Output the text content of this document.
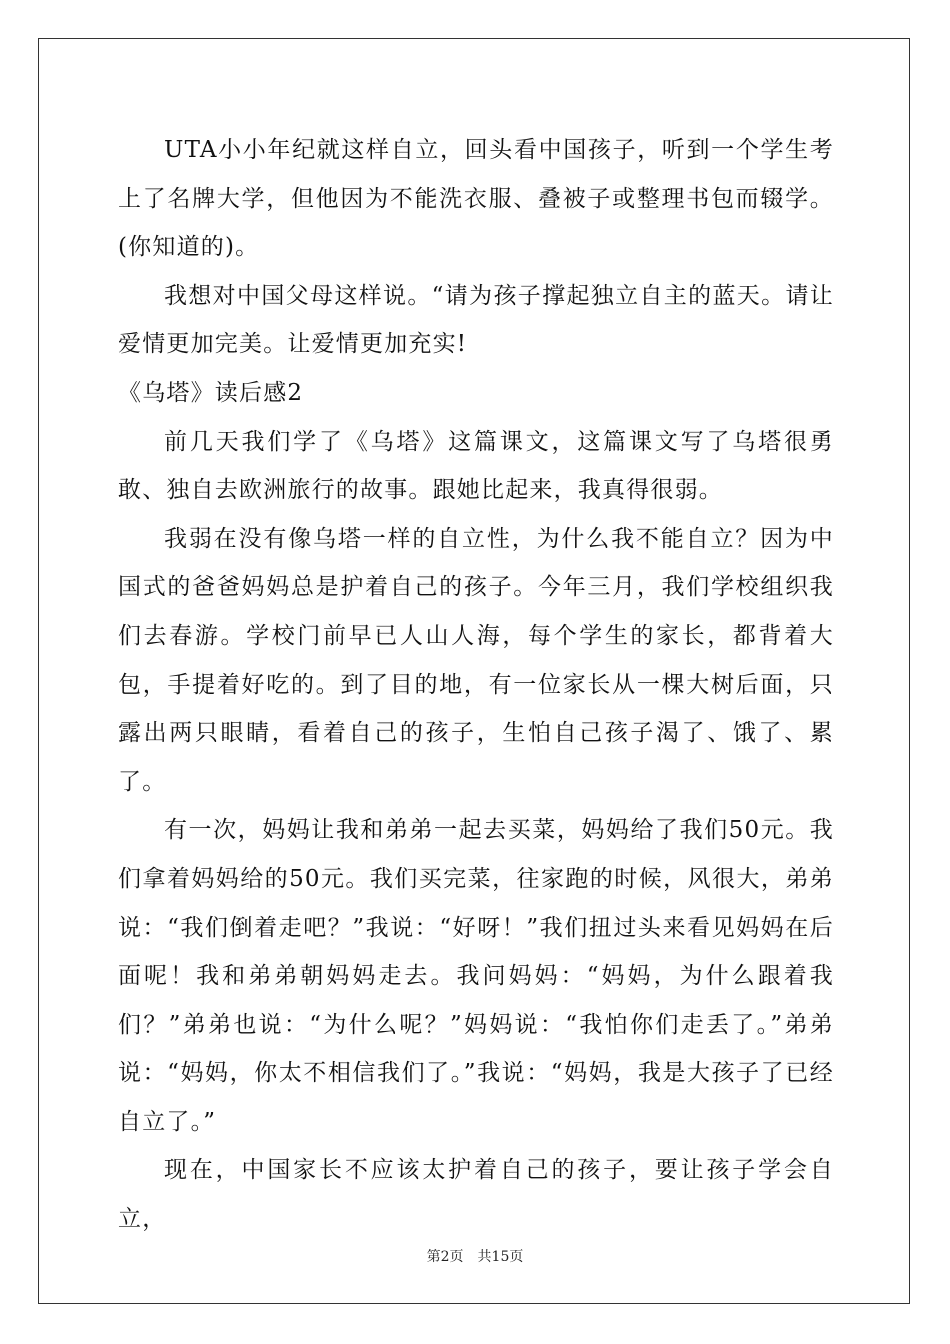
UTA小小年纪就这样自立，回头看中国孩子，听到一个学生考上了名牌大学，但他因为不能洗衣服、叠被子或整理书包而辍学。(你知道的)。

我想对中国父母这样说。“请为孩子撑起独立自主的蓝天。请让爱情更加完美。让爱情更加充实!

《乌塔》读后感2

前几天我们学了《乌塔》这篇课文，这篇课文写了乌塔很勇敢、独自去欧洲旅行的故事。跟她比起来，我真得很弱。

我弱在没有像乌塔一样的自立性，为什么我不能自立？因为中国式的爸爸妈妈总是护着自己的孩子。今年三月，我们学校组织我们去春游。学校门前早已人山人海，每个学生的家长，都背着大包，手提着好吃的。到了目的地，有一位家长从一棵大树后面，只露出两只眼睛，看着自己的孩子，生怕自己孩子渴了、饿了、累了。

有一次，妈妈让我和弟弟一起去买菜，妈妈给了我们50元。我们拿着妈妈给的50元。我们买完菜，往家跑的时候，风很大，弟弟说：“我们倒着走吧？”我说：“好呀！”我们扭过头来看见妈妈在后面呢！我和弟弟朝妈妈走去。我问妈妈：“妈妈，为什么跟着我们？”弟弟也说：“为什么呢？”妈妈说：“我怕你们走丢了。”弟弟说：“妈妈，你太不相信我们了。”我说：“妈妈，我是大孩子了已经自立了。”

现在，中国家长不应该太护着自己的孩子，要让孩子学会自立，

第2页 共15页
